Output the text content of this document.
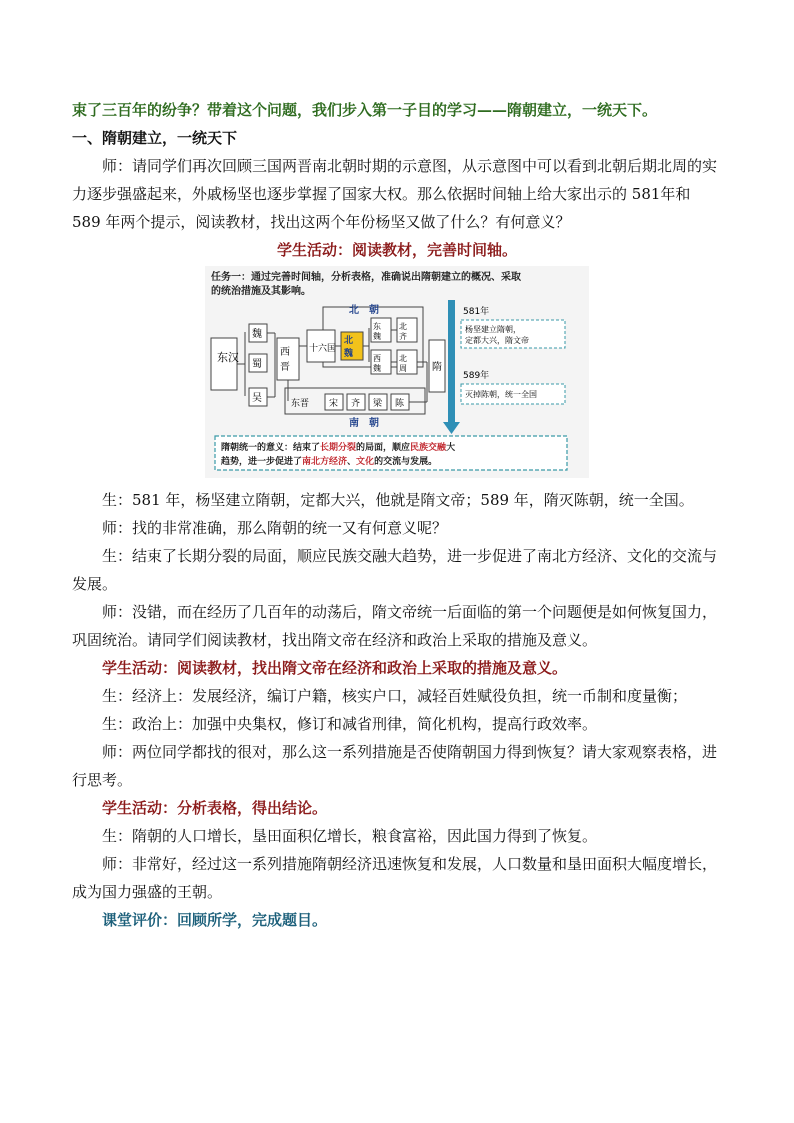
束了三百年的纷争？带着这个问题，我们步入第一子目的学习——隋朝建立，一统天下。

一、隋朝建立，一统天下

师：请同学们再次回顾三国两晋南北朝时期的示意图，从示意图中可以看到北朝后期北周的实力逐步强盛起来，外戚杨坚也逐步掌握了国家大权。那么依据时间轴上给大家出示的 581年和 589 年两个提示，阅读教材，找出这两个年份杨坚又做了什么？有何意义？

学生活动：阅读教材，完善时间轴。

任务一：通过完善时间轴，分析表格，准确说出隋朝建立的概况、采取
的统治措施及其影响。
北　朝
南　朝
东汉
魏
蜀
吴
西
晋
十六国
北
魏
东
魏
北
齐
西
魏
北
周
东晋 宋 齐 梁 陈
隋
581年
杨坚建立隋朝，
定都大兴，隋文帝
589年
灭掉陈朝，统一全国
隋朝统一的意义：结束了长期分裂的局面，顺应民族交融大
趋势，进一步促进了南北方经济、文化的交流与发展。

生：581 年，杨坚建立隋朝，定都大兴，他就是隋文帝；589 年，隋灭陈朝，统一全国。

师：找的非常准确，那么隋朝的统一又有何意义呢？

生：结束了长期分裂的局面，顺应民族交融大趋势，进一步促进了南北方经济、文化的交流与发展。

师：没错，而在经历了几百年的动荡后，隋文帝统一后面临的第一个问题便是如何恢复国力，巩固统治。请同学们阅读教材，找出隋文帝在经济和政治上采取的措施及意义。

学生活动：阅读教材，找出隋文帝在经济和政治上采取的措施及意义。

生：经济上：发展经济，编订户籍，核实户口，减轻百姓赋役负担，统一币制和度量衡；

生：政治上：加强中央集权，修订和减省刑律，简化机构，提高行政效率。

师：两位同学都找的很对，那么这一系列措施是否使隋朝国力得到恢复？请大家观察表格，进行思考。

学生活动：分析表格，得出结论。

生：隋朝的人口增长，垦田面积亿增长，粮食富裕，因此国力得到了恢复。

师：非常好，经过这一系列措施隋朝经济迅速恢复和发展，人口数量和垦田面积大幅度增长，成为国力强盛的王朝。

课堂评价：回顾所学，完成题目。
